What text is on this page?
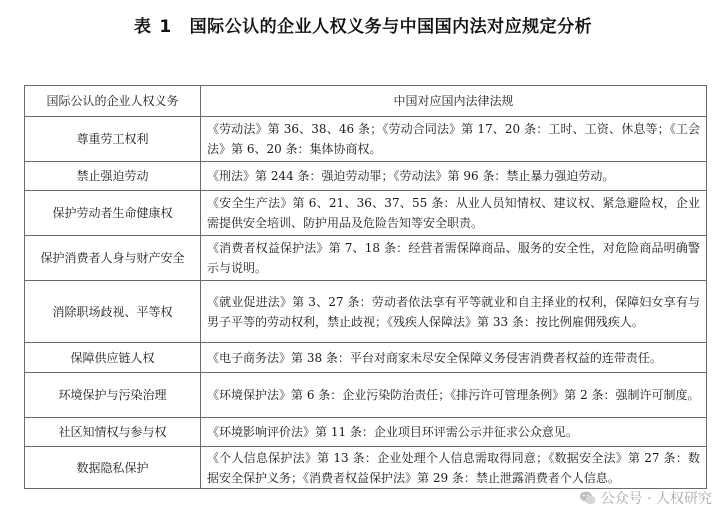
表 1 国际公认的企业人权义务与中国国内法对应规定分析
国际公认的企业人权义务	中国对应国内法律法规
尊重劳工权利	《劳动法》第 36、38、46 条；《劳动合同法》第 17、20 条：工时、工资、休息等；《工会法》第 6、20 条：集体协商权。
禁止强迫劳动	《刑法》第 244 条：强迫劳动罪；《劳动法》第 96 条：禁止暴力强迫劳动。
保护劳动者生命健康权	《安全生产法》第 6、21、36、37、55 条：从业人员知情权、建议权、紧急避险权，企业需提供安全培训、防护用品及危险告知等安全职责。
保护消费者人身与财产安全	《消费者权益保护法》第 7、18 条：经营者需保障商品、服务的安全性，对危险商品明确警示与说明。
消除职场歧视、平等权	《就业促进法》第 3、27 条：劳动者依法享有平等就业和自主择业的权利，保障妇女享有与男子平等的劳动权利，禁止歧视；《残疾人保障法》第 33 条：按比例雇佣残疾人。
保障供应链人权	《电子商务法》第 38 条：平台对商家未尽安全保障义务侵害消费者权益的连带责任。
环境保护与污染治理	《环境保护法》第 6 条：企业污染防治责任；《排污许可管理条例》第 2 条：强制许可制度。
社区知情权与参与权	《环境影响评价法》第 11 条：企业项目环评需公示并征求公众意见。
数据隐私保护	《个人信息保护法》第 13 条：企业处理个人信息需取得同意；《数据安全法》第 27 条：数据安全保护义务；《消费者权益保护法》第 29 条：禁止泄露消费者个人信息。
公众号 · 人权研究
